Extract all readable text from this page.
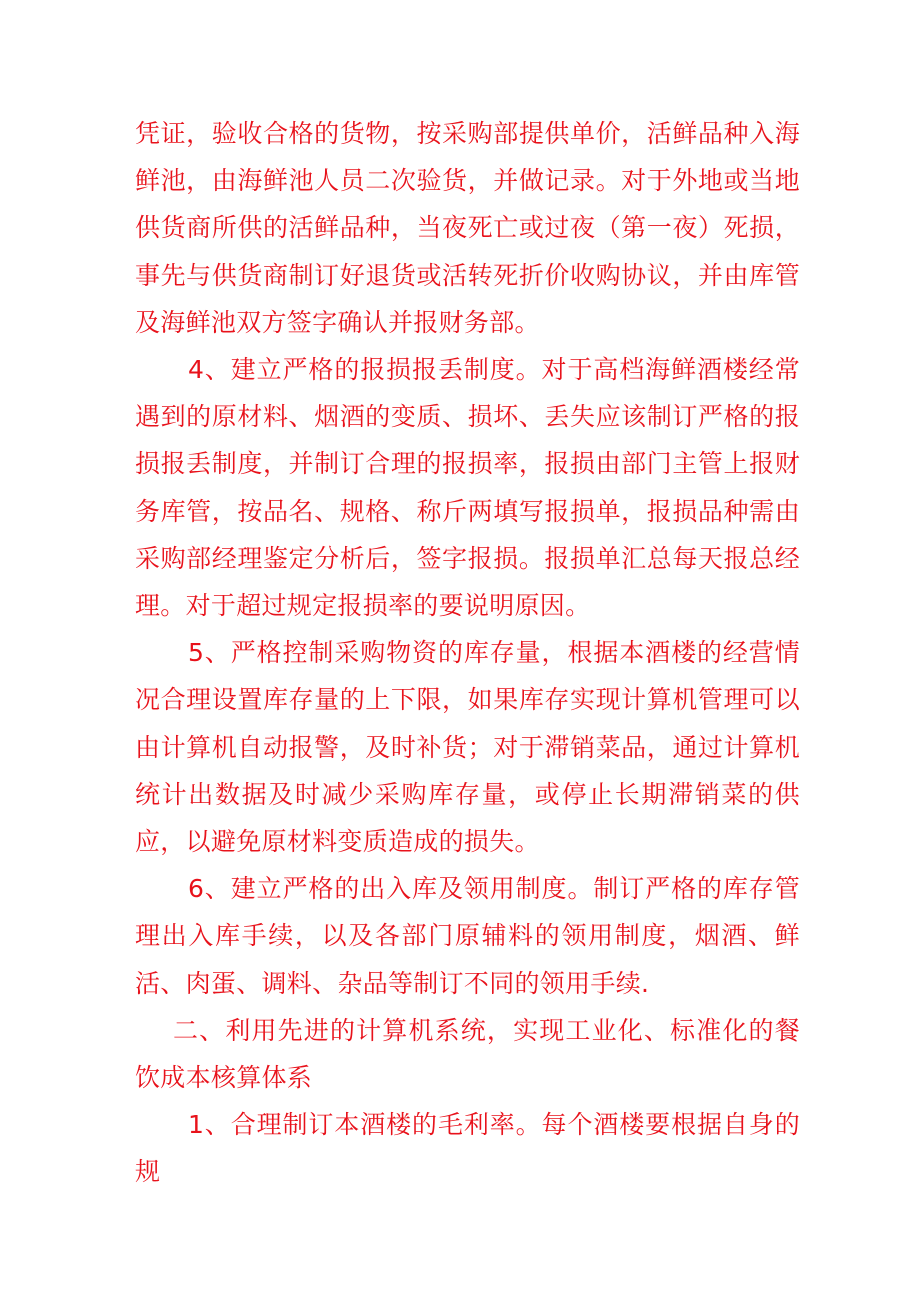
凭证，验收合格的货物，按采购部提供单价，活鲜品种入海鲜池，由海鲜池人员二次验货，并做记录。对于外地或当地供货商所供的活鲜品种，当夜死亡或过夜（第一夜）死损，事先与供货商制订好退货或活转死折价收购协议，并由库管及海鲜池双方签字确认并报财务部。

4、建立严格的报损报丢制度。对于高档海鲜酒楼经常遇到的原材料、烟酒的变质、损坏、丢失应该制订严格的报损报丢制度，并制订合理的报损率，报损由部门主管上报财务库管，按品名、规格、称斤两填写报损单，报损品种需由采购部经理鉴定分析后，签字报损。报损单汇总每天报总经理。对于超过规定报损率的要说明原因。

5、严格控制采购物资的库存量，根据本酒楼的经营情况合理设置库存量的上下限，如果库存实现计算机管理可以由计算机自动报警，及时补货；对于滞销菜品，通过计算机统计出数据及时减少采购库存量，或停止长期滞销菜的供应，以避免原材料变质造成的损失。

6、建立严格的出入库及领用制度。制订严格的库存管理出入库手续，以及各部门原辅料的领用制度，烟酒、鲜活、肉蛋、调料、杂品等制订不同的领用手续.

二、利用先进的计算机系统，实现工业化、标准化的餐饮成本核算体系

1、合理制订本酒楼的毛利率。每个酒楼要根据自身的规
